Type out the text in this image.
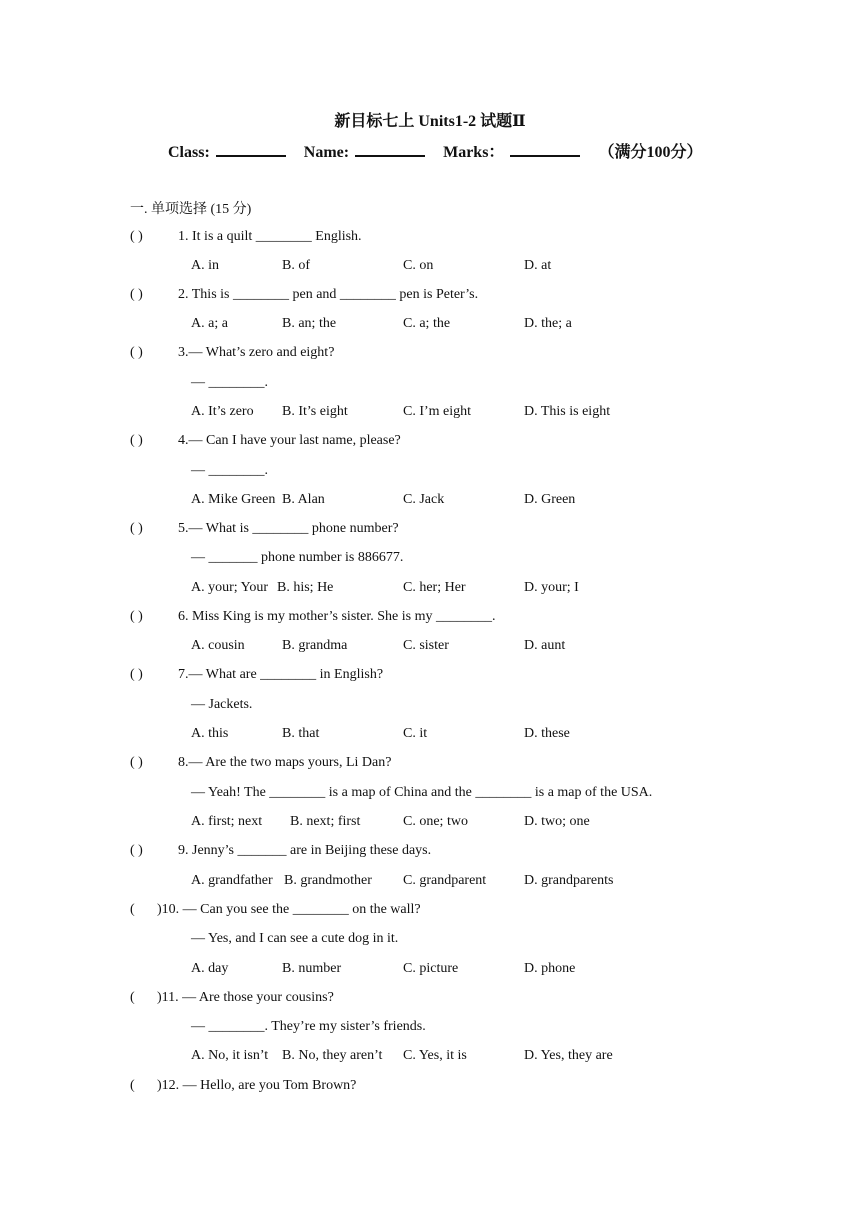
新目标七上 Units1-2 试题Ⅱ
Class:	Name:	Marks：	（满分100分）
一. 单项选择 (15 分)
( )	1. It is a quilt ________ English.
A. in	B. of	C. on	D. at
( )	2. This is ________ pen and ________ pen is Peter’s.
A. a; a	B. an; the	C. a; the	D. the; a
( )	3.— What’s zero and eight?
— ________.
A. It’s zero B. It’s eight	C. I’m eight	D. This is eight
( )	4.— Can I have your last name, please?
— ________.
A. Mike Green B. Alan	C. Jack	D. Green
( )	5.— What is ________ phone number?
— _______ phone number is 886677.
A. your; Your B. his; He	C. her; Her	D. your; I
( )	6. Miss King is my mother’s sister. She is my ________.
A. cousin	B. grandma	C. sister	D. aunt
( )	7.— What are ________ in English?
— Jackets.
A. this	B. that	C. it	D. these
( )	8.— Are the two maps yours, Li Dan?
— Yeah! The ________ is a map of China and the ________ is a map of the USA.
A. first; next B. next; first	C. one; two	D. two; one
( )	9. Jenny’s _______ are in Beijing these days.
A. grandfather B. grandmother C. grandparent	D. grandparents
( )10. — Can you see the ________ on the wall?
— Yes, and I can see a cute dog in it.
A. day	B. number	C. picture	D. phone
( )11. — Are those your cousins?
— ________. They’re my sister’s friends.
A. No, it isn’t B. No, they aren’t C. Yes, it is	D. Yes, they are
( )12. — Hello, are you Tom Brown?
